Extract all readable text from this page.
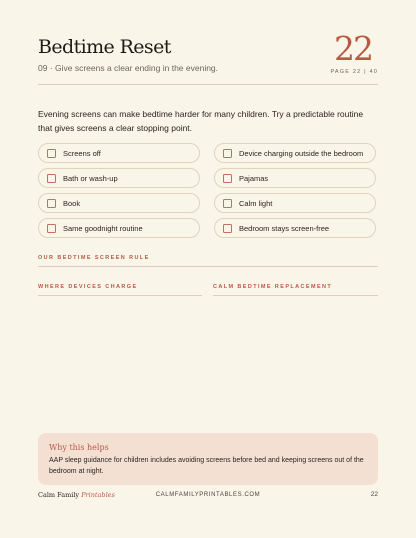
Bedtime Reset
09 · Give screens a clear ending in the evening.	22
PAGE 22 | 40

Evening screens can make bedtime harder for many children. Try a predictable routine that gives screens a clear stopping point.

Screens off
Bath or wash-up
Book
Same goodnight routine
Device charging outside the bedroom
Pajamas
Calm light
Bedroom stays screen-free
OUR BEDTIME SCREEN RULE
WHERE DEVICES CHARGE	CALM BEDTIME REPLACEMENT
Why this helps

AAP sleep guidance for children includes avoiding screens before bed and keeping screens out of the bedroom at night.

Calm Family Printables	CALMFAMILYPRINTABLES.COM	22
